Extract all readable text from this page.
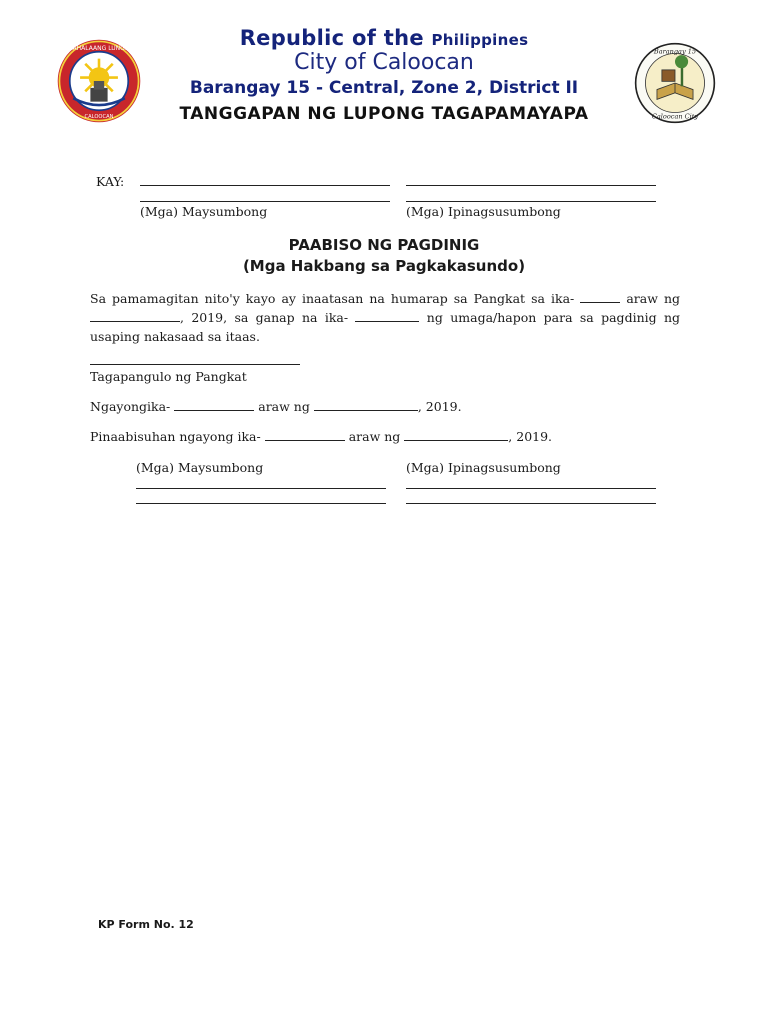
PAMAHALAANG LUNGSOD
CALOOCAN
Republic of the Philippines
City of Caloocan
Barangay 15 - Central, Zone 2, District II
TANGGAPAN NG LUPONG TAGAPAMAYAPA
Barangay 15
Caloocan City
KAY:
(Mga) Maysumbong	(Mga) Ipinagsusumbong
PAABISO NG PAGDINIG
(Mga Hakbang sa Pagkakasundo)
Sa pamamagitan nito'y kayo ay inaatasan na humarap sa Pangkat sa ika-	araw ng , 2019, sa ganap na ika-	ng umaga/hapon para sa pagdinig ng usaping nakasaad sa itaas.
Tagapangulo ng Pangkat
Ngayongika-	araw ng	, 2019.
Pinaabisuhan ngayong ika-	araw ng	, 2019.
(Mga) Maysumbong	(Mga) Ipinagsusumbong
KP Form No. 12
